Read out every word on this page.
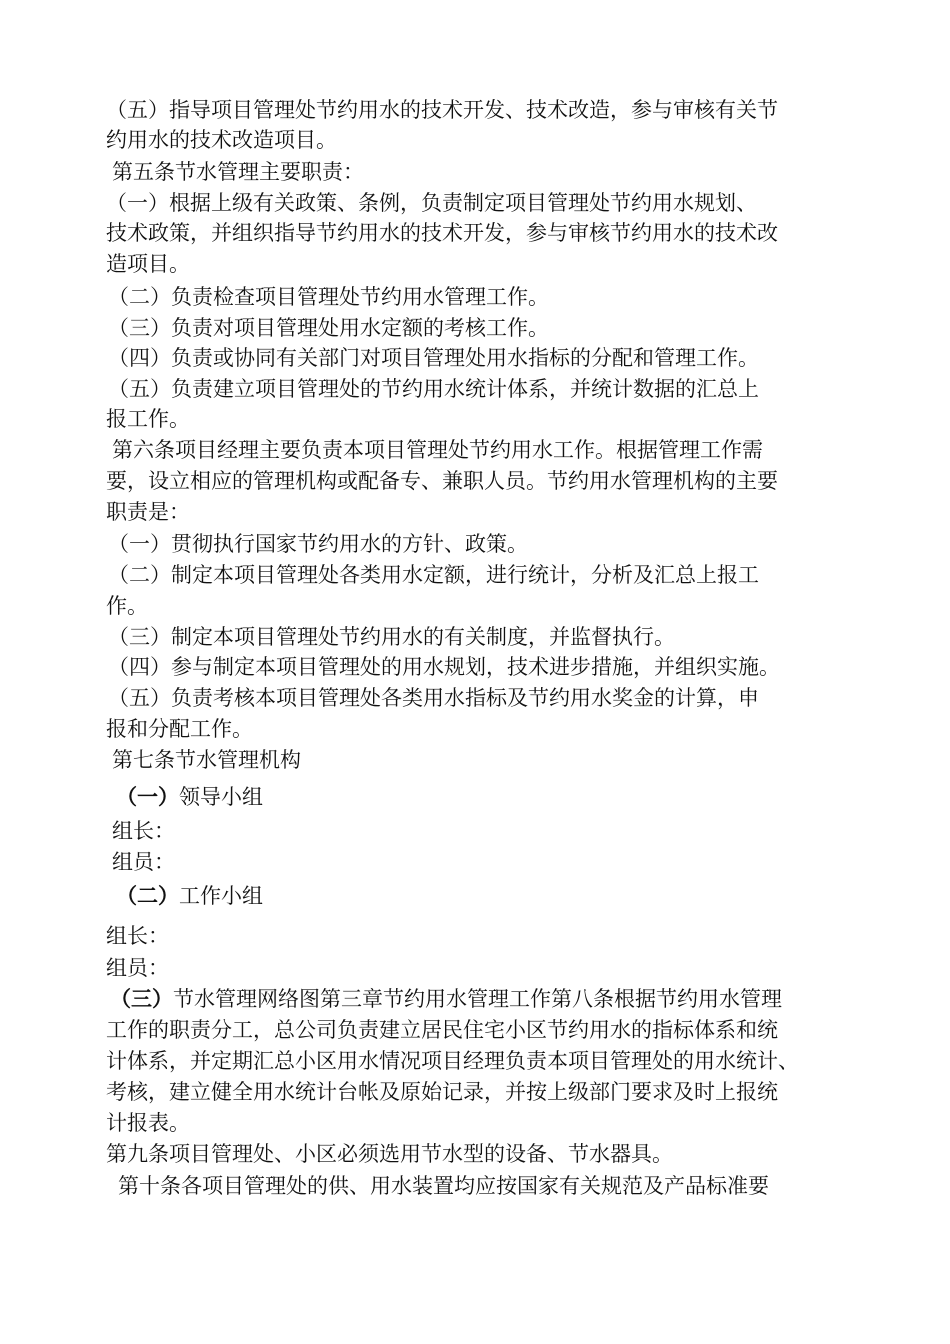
（五）指导项目管理处节约用水的技术开发、技术改造，参与审核有关节
约用水的技术改造项目。
第五条节水管理主要职责：
（一）根据上级有关政策、条例，负责制定项目管理处节约用水规划、
技术政策，并组织指导节约用水的技术开发，参与审核节约用水的技术改
造项目。
（二）负责检查项目管理处节约用水管理工作。
（三）负责对项目管理处用水定额的考核工作。
（四）负责或协同有关部门对项目管理处用水指标的分配和管理工作。
（五）负责建立项目管理处的节约用水统计体系，并统计数据的汇总上
报工作。
第六条项目经理主要负责本项目管理处节约用水工作。根据管理工作需
要，设立相应的管理机构或配备专、兼职人员。节约用水管理机构的主要
职责是：
（一）贯彻执行国家节约用水的方针、政策。
（二）制定本项目管理处各类用水定额，进行统计，分析及汇总上报工
作。
（三）制定本项目管理处节约用水的有关制度，并监督执行。
（四）参与制定本项目管理处的用水规划，技术进步措施，并组织实施。
（五）负责考核本项目管理处各类用水指标及节约用水奖金的计算，申
报和分配工作。
第七条节水管理机构
（一）领导小组
组长：
组员：
（二）工作小组
组长：
组员：
（三）节水管理网络图第三章节约用水管理工作第八条根据节约用水管理
工作的职责分工，总公司负责建立居民住宅小区节约用水的指标体系和统
计体系，并定期汇总小区用水情况项目经理负责本项目管理处的用水统计、
考核，建立健全用水统计台帐及原始记录，并按上级部门要求及时上报统
计报表。
第九条项目管理处、小区必须选用节水型的设备、节水器具。
第十条各项目管理处的供、用水装置均应按国家有关规范及产品标准要
